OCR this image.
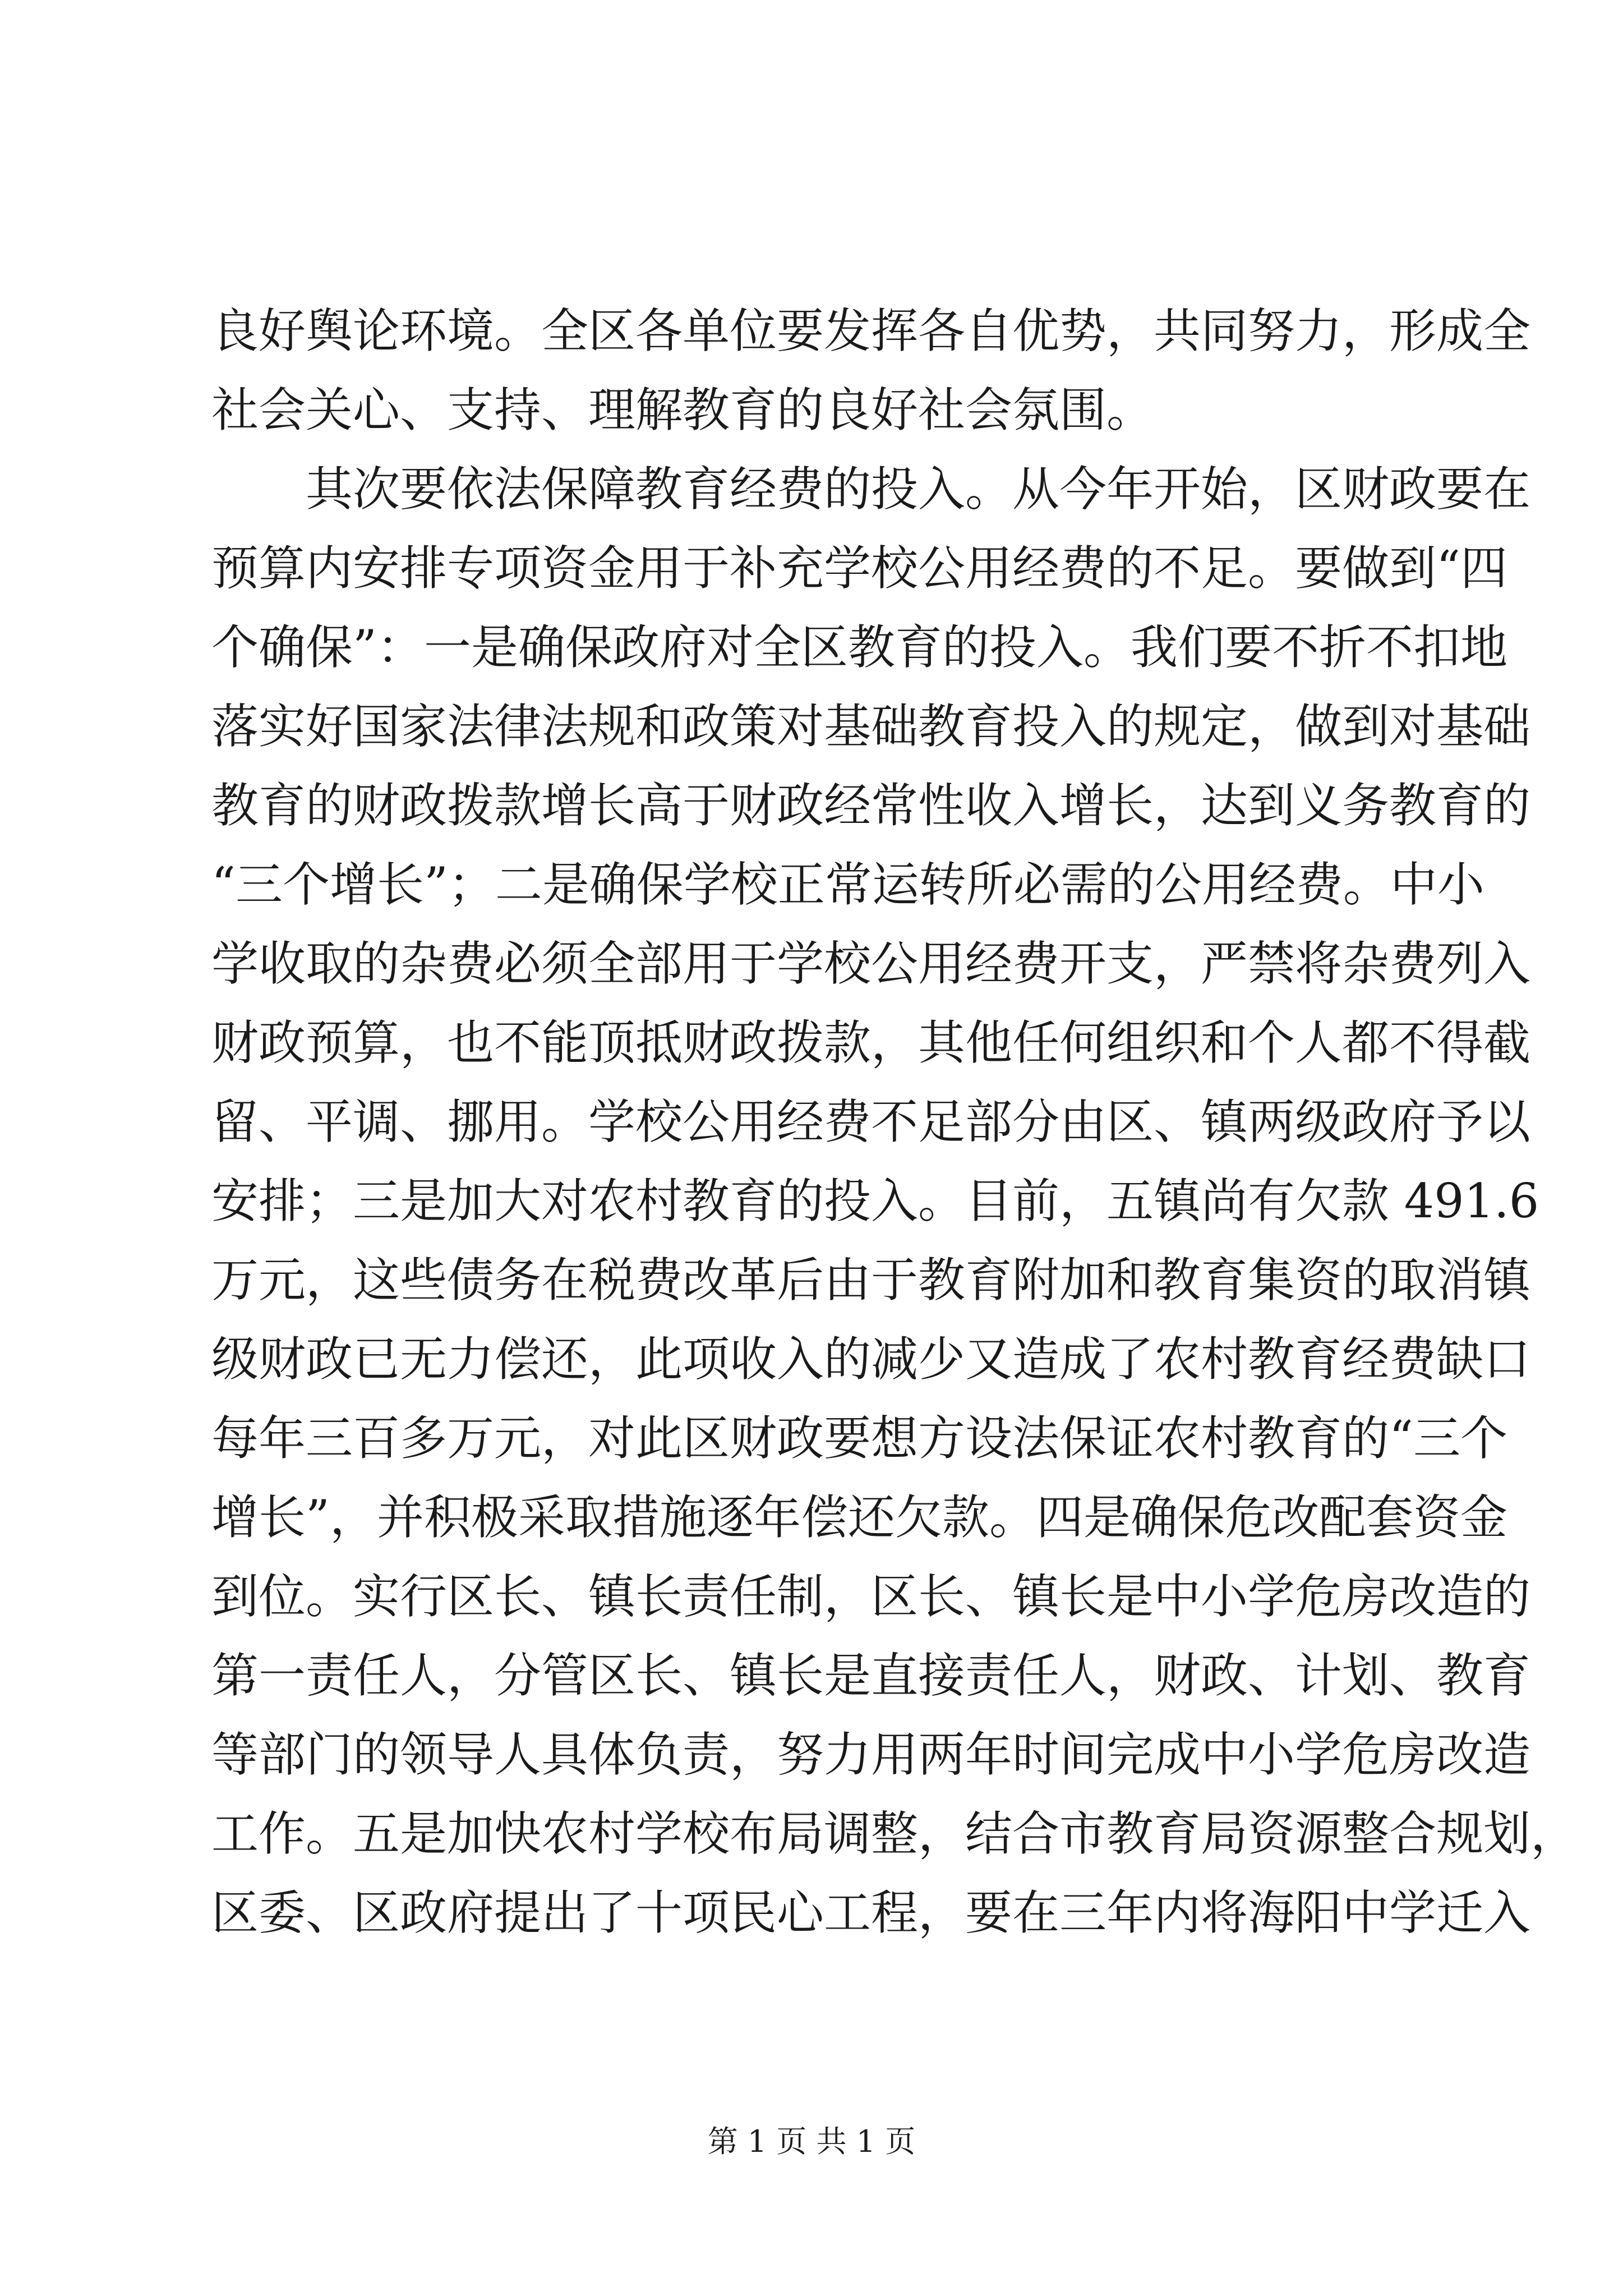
良好舆论环境。全区各单位要发挥各自优势，共同努力，形成全
社会关心、支持、理解教育的良好社会氛围。
其次要依法保障教育经费的投入。从今年开始，区财政要在
预算内安排专项资金用于补充学校公用经费的不足。要做到“四
个确保”：一是确保政府对全区教育的投入。我们要不折不扣地
落实好国家法律法规和政策对基础教育投入的规定，做到对基础
教育的财政拨款增长高于财政经常性收入增长，达到义务教育的
“三个增长”；二是确保学校正常运转所必需的公用经费。中小
学收取的杂费必须全部用于学校公用经费开支，严禁将杂费列入
财政预算，也不能顶抵财政拨款，其他任何组织和个人都不得截
留、平调、挪用。学校公用经费不足部分由区、镇两级政府予以
安排；三是加大对农村教育的投入。目前，五镇尚有欠款 491.6
万元，这些债务在税费改革后由于教育附加和教育集资的取消镇
级财政已无力偿还，此项收入的减少又造成了农村教育经费缺口
每年三百多万元，对此区财政要想方设法保证农村教育的“三个
增长”，并积极采取措施逐年偿还欠款。四是确保危改配套资金
到位。实行区长、镇长责任制，区长、镇长是中小学危房改造的
第一责任人，分管区长、镇长是直接责任人，财政、计划、教育
等部门的领导人具体负责，努力用两年时间完成中小学危房改造
工作。五是加快农村学校布局调整，结合市教育局资源整合规划，
区委、区政府提出了十项民心工程，要在三年内将海阳中学迁入
第 1 页 共 1 页
